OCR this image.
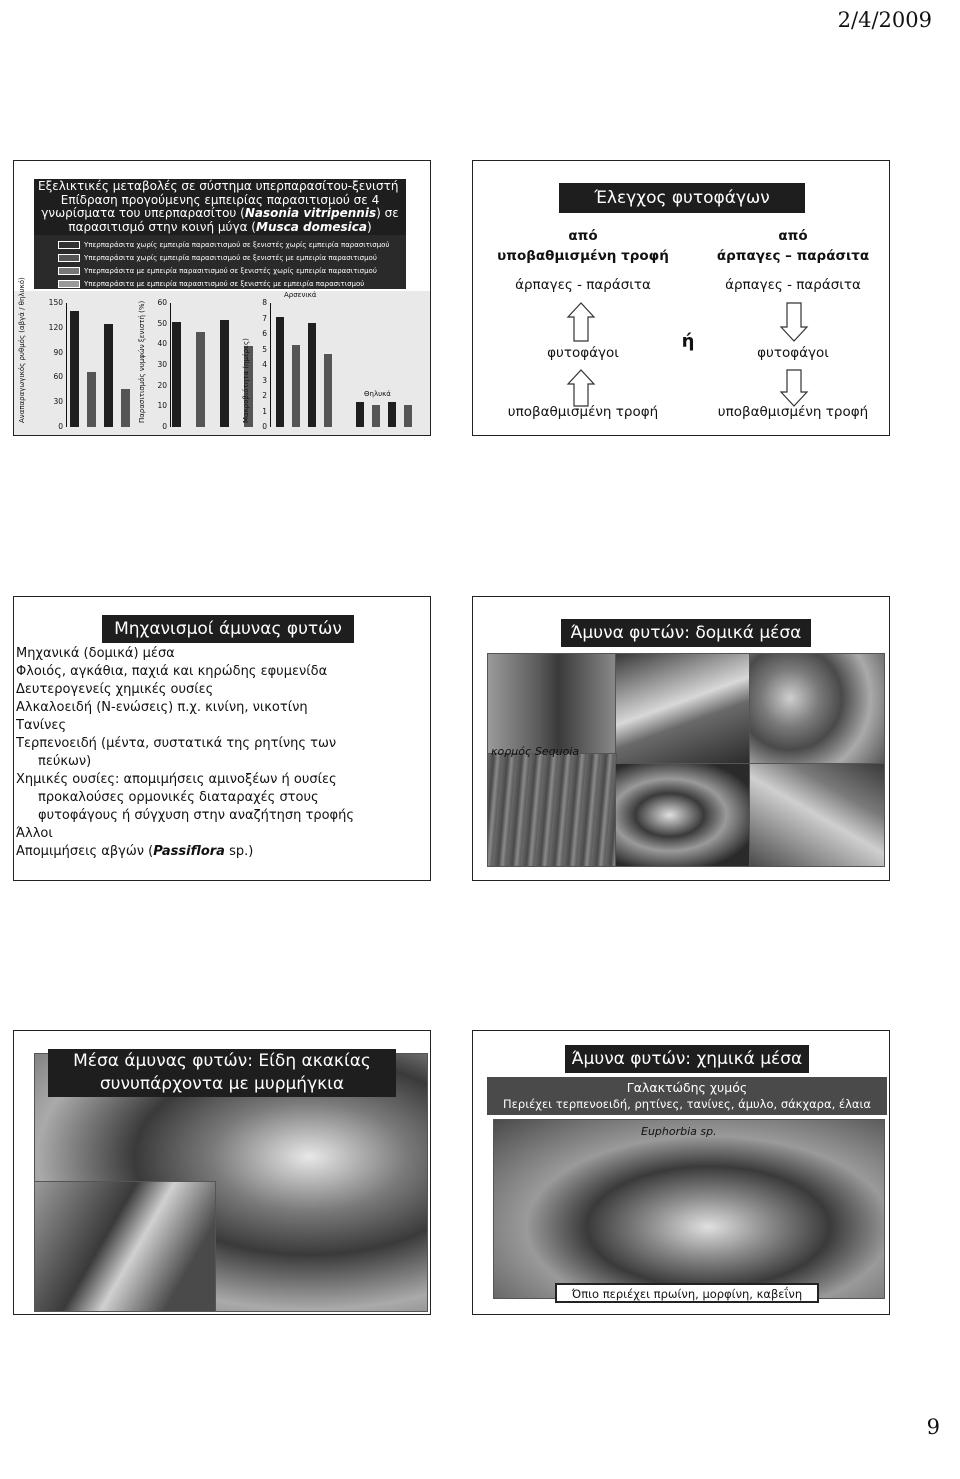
2/4/2009
Εξελικτικές μεταβολές σε σύστημα υπερπαρασίτου-ξενιστή
Επίδραση προγούμενης εμπειρίας παρασιτισμού σε 4
γνωρίσματα του υπερπαρασίτου (Nasonia vitripennis) σε
παρασιτισμό στην κοινή μύγα (Musca domesica)
Υπερπαράσιτα χωρίς εμπειρία παρασιτισμού σε ξενιστές χωρίς εμπειρία παρασιτισμού
Υπερπαράσιτα χωρίς εμπειρία παρασιτισμού σε ξενιστές με εμπειρία παρασιτισμού
Υπερπαράσιτα με εμπειρία παρασιτισμού σε ξενιστές χωρίς εμπειρία παρασιτισμού
Υπερπαράσιτα με εμπειρία παρασιτισμού σε ξενιστές με εμπειρία παρασιτισμού
150
120
90
60
30
0
Αναπαραγωγικός ρυθμός (αβγά / θηλυκό)	60
50
40
30
20
10
0
Παρασιτισμός νυμφών ξενιστή (%)	8
7
6
5
4
3
2
1
0
Μακροβιότητα (ημέρες)
Αρσενικά
Θηλυκά
Έλεγχος φυτοφάγων
από
υποβαθμισμένη τροφή
άρπαγες - παράσιτα
φυτοφάγοι
υποβαθμισμένη τροφή
ή
από
άρπαγες – παράσιτα
άρπαγες - παράσιτα
φυτοφάγοι
υποβαθμισμένη τροφή
Μηχανισμοί άμυνας φυτών
Μηχανικά (δομικά) μέσα
Φλοιός, αγκάθια, παχιά και κηρώδης εφυμενίδα
Δευτερογενείς χημικές ουσίες
Αλκαλοειδή (Ν-ενώσεις) π.χ. κινίνη, νικοτίνη
Τανίνες
Τερπενοειδή (μέντα, συστατικά της ρητίνης των
πεύκων)
Χημικές ουσίες: απομιμήσεις αμινοξέων ή ουσίες
προκαλούσες ορμονικές διαταραχές στους
φυτοφάγους ή σύγχυση στην αναζήτηση τροφής
Άλλοι
Απομιμήσεις αβγών (Passiflora sp.)
Άμυνα φυτών: δομικά μέσα
κορμός Sequoia
Μέσα άμυνας φυτών: Είδη ακακίας
συνυπάρχοντα με μυρμήγκια
Άμυνα φυτών: χημικά μέσα
Γαλακτώδης χυμός
Περιέχει τερπενοειδή, ρητίνες, τανίνες, άμυλο, σάκχαρα, έλαια
Euphorbia sp.
Όπιο περιέχει πρωίνη, μορφίνη, καβεΐνη
9
